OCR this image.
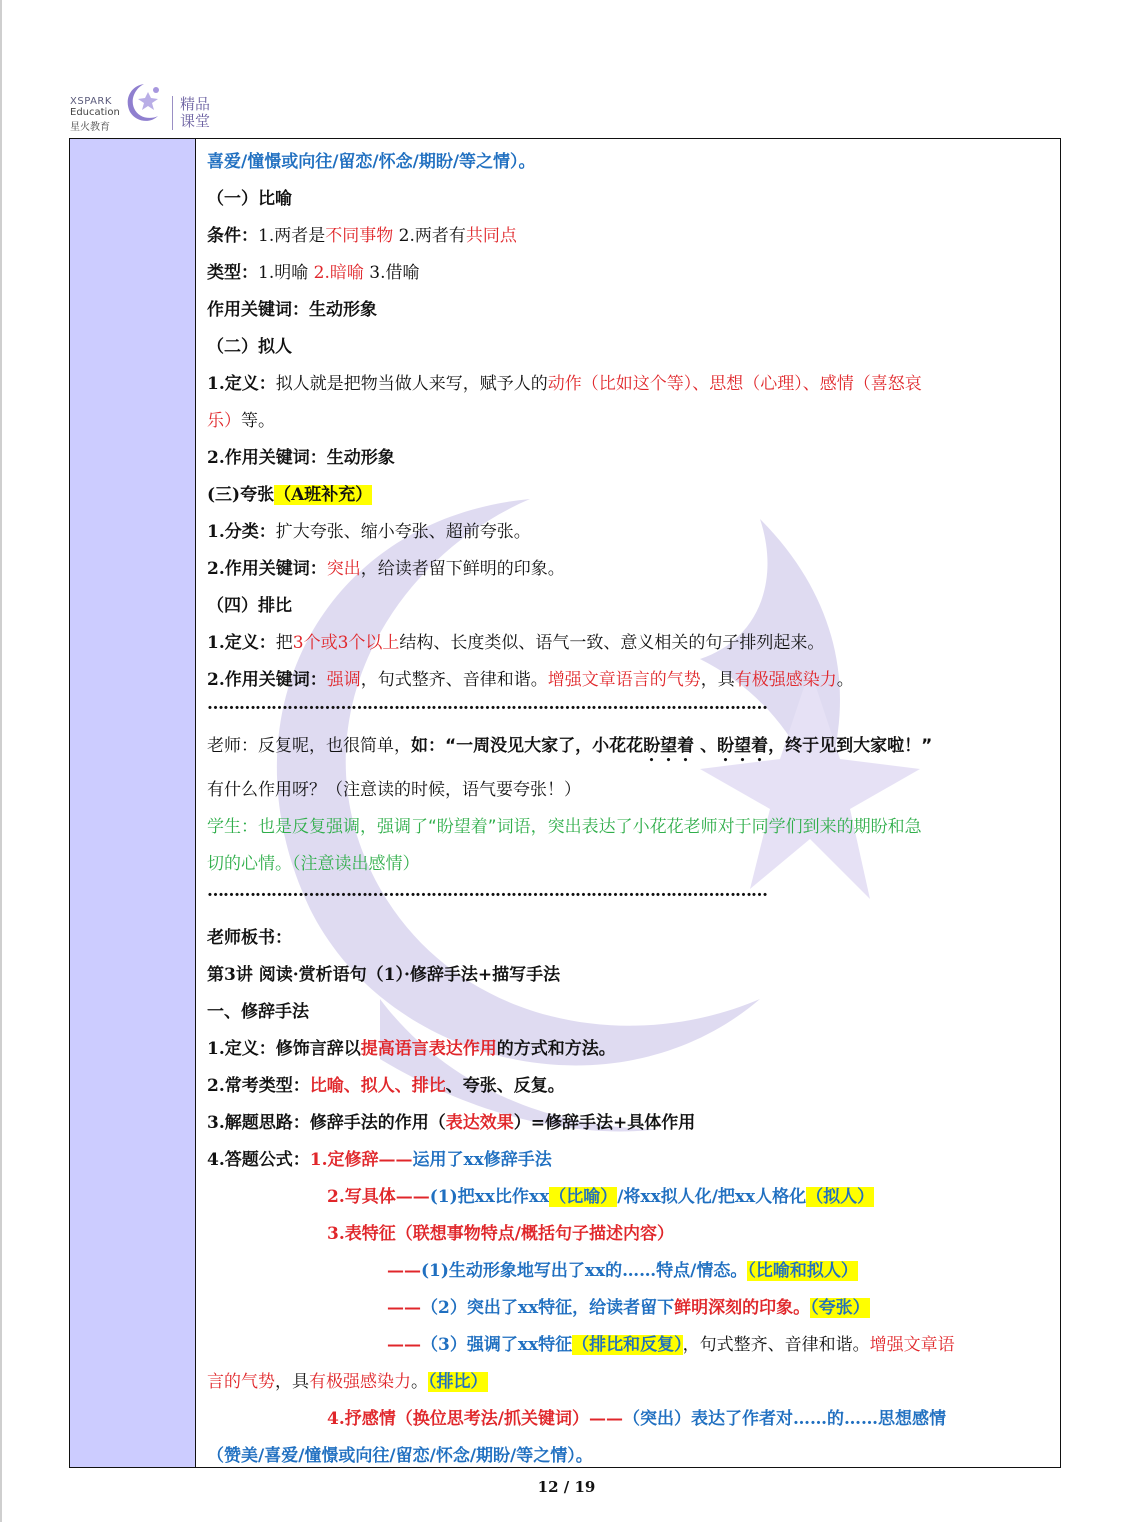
XSPARK
Education
星火教育
精品
课堂
喜爱/憧憬或向往/留恋/怀念/期盼/等之情）。
（一）比喻
条件：1.两者是不同事物 2.两者有共同点
类型：1.明喻 2.暗喻 3.借喻
作用关键词：生动形象
（二）拟人
1.定义：拟人就是把物当做人来写，赋予人的动作（比如这个等）、思想（心理）、感情（喜怒哀
乐）等。
2.作用关键词：生动形象
(三)夸张（A班补充）
1.分类：扩大夸张、缩小夸张、超前夸张。
2.作用关键词：突出，给读者留下鲜明的印象。
（四）排比
1.定义：把3个或3个以上结构、长度类似、语气一致、意义相关的句子排列起来。
2.作用关键词：强调，句式整齐、音律和谐。增强文章语言的气势，具有极强感染力。
……………………………………………………………………………………………
老师：反复呢，也很简单，如：“一周没见大家了，小花花盼望着 、盼望着，终于见到大家啦！”
有什么作用呀？（注意读的时候，语气要夸张！）
学生：也是反复强调，强调了“盼望着”词语，突出表达了小花花老师对于同学们到来的期盼和急
切的心情。（注意读出感情）
……………………………………………………………………………………………
老师板书：
第3讲 阅读·赏析语句（1）·修辞手法+描写手法
一、修辞手法
1.定义：修饰言辞以提高语言表达作用的方式和方法。
2.常考类型：比喻、拟人、排比、夸张、反复。
3.解题思路：修辞手法的作用（表达效果）=修辞手法+具体作用
4.答题公式：1.定修辞——运用了xx修辞手法
2.写具体——(1)把xx比作xx（比喻）/将xx拟人化/把xx人格化（拟人）
3.表特征（联想事物特点/概括句子描述内容）
——(1)生动形象地写出了xx的……特点/情态。（比喻和拟人）
——（2）突出了xx特征，给读者留下鲜明深刻的印象。（夸张）
——（3）强调了xx特征（排比和反复），句式整齐、音律和谐。增强文章语
言的气势，具有极强感染力。（排比）
4.抒感情（换位思考法/抓关键词）——（突出）表达了作者对……的……思想感情
（赞美/喜爱/憧憬或向往/留恋/怀念/期盼/等之情）。
12 / 19
